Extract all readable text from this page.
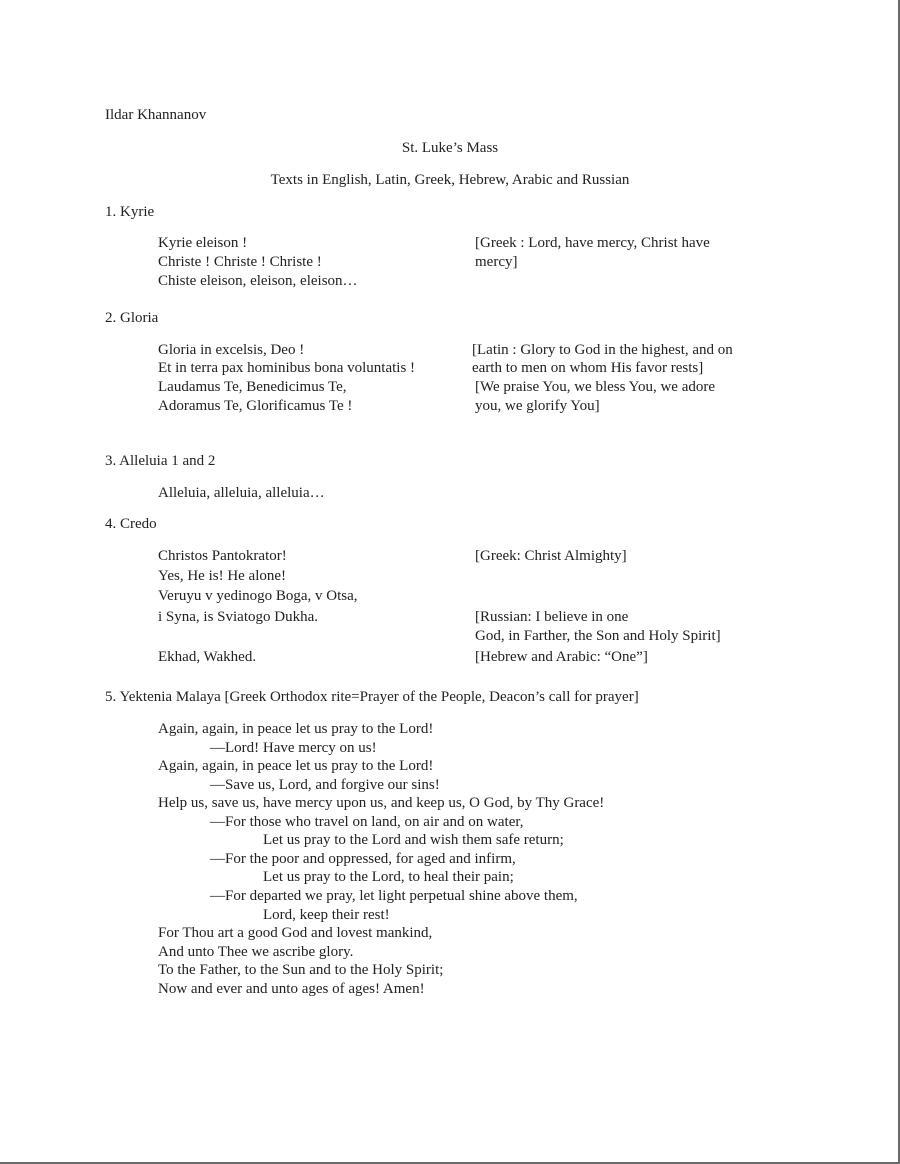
Ildar Khannanov
St. Luke’s Mass
Texts in English, Latin, Greek, Hebrew, Arabic and Russian
1. Kyrie
Kyrie eleison !
Christe ! Christe ! Christe !
Chiste eleison, eleison, eleison…
[Greek : Lord, have mercy, Christ have
mercy]
2. Gloria
Gloria in excelsis, Deo !
Et in terra pax hominibus bona voluntatis !
Laudamus Te, Benedicimus Te,
Adoramus Te, Glorificamus Te !
[Latin : Glory to God in the highest, and on
earth to men on whom His favor rests]
[We praise You, we bless You, we adore
you, we glorify You]
3. Alleluia 1 and 2
Alleluia, alleluia, alleluia…
4. Credo
Christos Pantokrator!
Yes, He is! He alone!
Veruyu v yedinogo Boga, v Otsa,
i Syna, is Sviatogo Dukha.
Ekhad, Wakhed.
[Greek: Christ Almighty]
[Russian: I believe in one
God, in Farther, the Son and Holy Spirit]
[Hebrew and Arabic: “One”]
5. Yektenia Malaya [Greek Orthodox rite=Prayer of the People, Deacon’s call for prayer]
Again, again, in peace let us pray to the Lord!
—Lord! Have mercy on us!
Again, again, in peace let us pray to the Lord!
—Save us, Lord, and forgive our sins!
Help us, save us, have mercy upon us, and keep us, O God, by Thy Grace!
—For those who travel on land, on air and on water,
Let us pray to the Lord and wish them safe return;
—For the poor and oppressed, for aged and infirm,
Let us pray to the Lord, to heal their pain;
—For departed we pray, let light perpetual shine above them,
Lord, keep their rest!
For Thou art a good God and lovest mankind,
And unto Thee we ascribe glory.
To the Father, to the Sun and to the Holy Spirit;
Now and ever and unto ages of ages! Amen!
